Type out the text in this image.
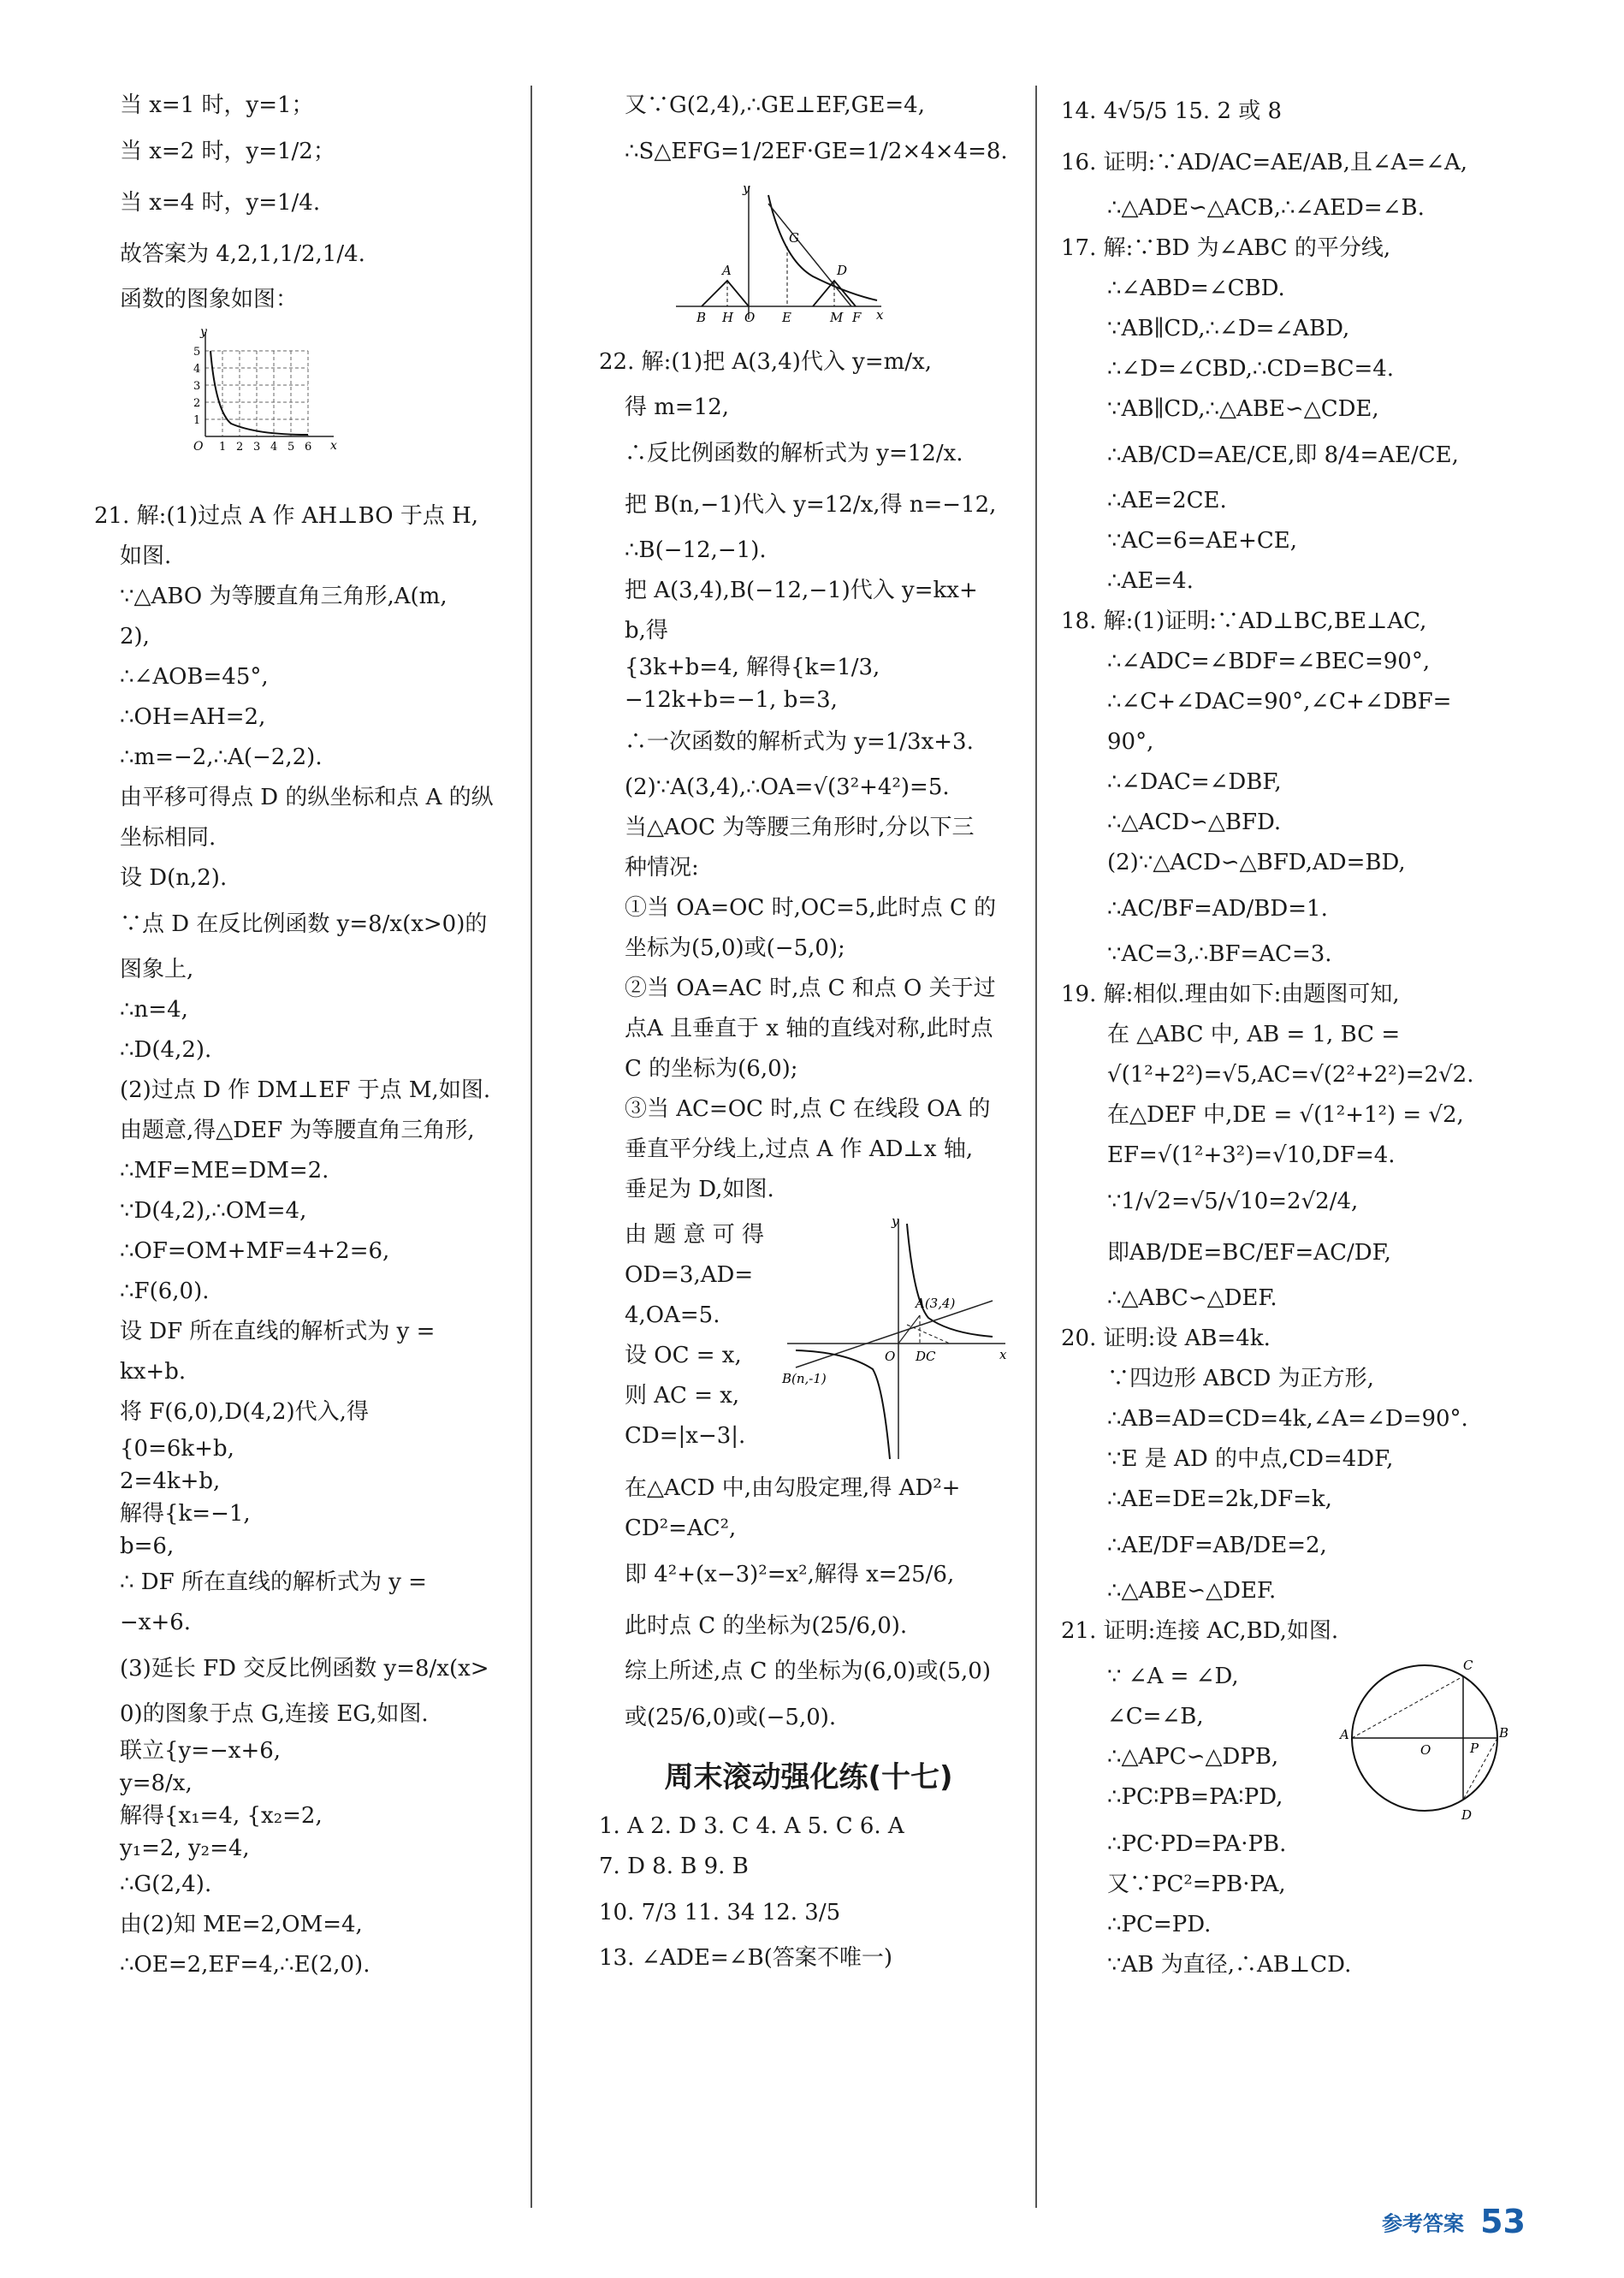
当 x=1 时，y=1；
当 x=2 时，y=1/2；
当 x=4 时，y=1/4.
故答案为 4,2,1,1/2,1/4.
函数的图象如图：
y
x
O
5
4
3
2
1
1 2 3 4 5 6
21. 解:(1)过点 A 作 AH⊥BO 于点 H,
如图.
∵△ABO 为等腰直角三角形,A(m,
2),
∴∠AOB=45°,
∴OH=AH=2,
∴m=−2,∴A(−2,2).
由平移可得点 D 的纵坐标和点 A 的纵
坐标相同.
设 D(n,2).
∵点 D 在反比例函数 y=8/x(x>0)的
图象上,
∴n=4,
∴D(4,2).
(2)过点 D 作 DM⊥EF 于点 M,如图.
由题意,得△DEF 为等腰直角三角形,
∴MF=ME=DM=2.
∵D(4,2),∴OM=4,
∴OF=OM+MF=4+2=6,
∴F(6,0).
设 DF 所在直线的解析式为 y =
kx+b.
将 F(6,0),D(4,2)代入,得
{0=6k+b,
2=4k+b,
解得{k=−1,
b=6,
∴ DF 所在直线的解析式为 y =
−x+6.
(3)延长 FD 交反比例函数 y=8/x(x>
0)的图象于点 G,连接 EG,如图.
联立{y=−x+6,
y=8/x,
解得{x₁=4, {x₂=2,
y₁=2, y₂=4,
∴G(2,4).
由(2)知 ME=2,OM=4,
∴OE=2,EF=4,∴E(2,0).
又∵G(2,4),∴GE⊥EF,GE=4,
∴S△EFG=1/2EF·GE=1/2×4×4=8.
y
x
A
G
D
B H O E	M F
22. 解:(1)把 A(3,4)代入 y=m/x,
得 m=12,
∴反比例函数的解析式为 y=12/x.
把 B(n,−1)代入 y=12/x,得 n=−12,
∴B(−12,−1).
把 A(3,4),B(−12,−1)代入 y=kx+
b,得
{3k+b=4, 解得{k=1/3,
−12k+b=−1, b=3,
∴一次函数的解析式为 y=1/3x+3.
(2)∵A(3,4),∴OA=√(3²+4²)=5.
当△AOC 为等腰三角形时,分以下三
种情况:
①当 OA=OC 时,OC=5,此时点 C 的
坐标为(5,0)或(−5,0);
②当 OA=AC 时,点 C 和点 O 关于过
点A 且垂直于 x 轴的直线对称,此时点
C 的坐标为(6,0);
③当 AC=OC 时,点 C 在线段 OA 的
垂直平分线上,过点 A 作 AD⊥x 轴,
垂足为 D,如图.
由 题 意 可 得
OD=3,AD=
4,OA=5.
设 OC = x,
则 AC = x,
CD=|x−3|.
y
x
A(3,4)
B(n,-1)
O DC
在△ACD 中,由勾股定理,得 AD²+
CD²=AC²,
即 4²+(x−3)²=x²,解得 x=25/6,
此时点 C 的坐标为(25/6,0).
综上所述,点 C 的坐标为(6,0)或(5,0)
或(25/6,0)或(−5,0).
周末滚动强化练(十七)
1. A 2. D 3. C 4. A 5. C 6. A
7. D 8. B 9. B
10. 7/3 11. 34 12. 3/5
13. ∠ADE=∠B(答案不唯一)
14. 4√5/5 15. 2 或 8
16. 证明:∵AD/AC=AE/AB,且∠A=∠A,
∴△ADE∽△ACB,∴∠AED=∠B.
17. 解:∵BD 为∠ABC 的平分线,
∴∠ABD=∠CBD.
∵AB∥CD,∴∠D=∠ABD,
∴∠D=∠CBD,∴CD=BC=4.
∵AB∥CD,∴△ABE∽△CDE,
∴AB/CD=AE/CE,即 8/4=AE/CE,
∴AE=2CE.
∵AC=6=AE+CE,
∴AE=4.
18. 解:(1)证明:∵AD⊥BC,BE⊥AC,
∴∠ADC=∠BDF=∠BEC=90°,
∴∠C+∠DAC=90°,∠C+∠DBF=
90°,
∴∠DAC=∠DBF,
∴△ACD∽△BFD.
(2)∵△ACD∽△BFD,AD=BD,
∴AC/BF=AD/BD=1.
∵AC=3,∴BF=AC=3.
19. 解:相似.理由如下:由题图可知,
在 △ABC 中, AB = 1, BC =
√(1²+2²)=√5,AC=√(2²+2²)=2√2.
在△DEF 中,DE = √(1²+1²) = √2,
EF=√(1²+3²)=√10,DF=4.
∵1/√2=√5/√10=2√2/4,
即AB/DE=BC/EF=AC/DF,
∴△ABC∽△DEF.
20. 证明:设 AB=4k.
∵四边形 ABCD 为正方形,
∴AB=AD=CD=4k,∠A=∠D=90°.
∵E 是 AD 的中点,CD=4DF,
∴AE=DE=2k,DF=k,
∴AE/DF=AB/DE=2,
∴△ABE∽△DEF.
21. 证明:连接 AC,BD,如图.
∵ ∠A = ∠D,
∠C=∠B,
∴△APC∽△DPB,
∴PC∶PB=PA∶PD,
C
A
O	P
B
D
∴PC·PD=PA·PB.
又∵PC²=PB·PA,
∴PC=PD.
∵AB 为直径,∴AB⊥CD.
参考答案 53
